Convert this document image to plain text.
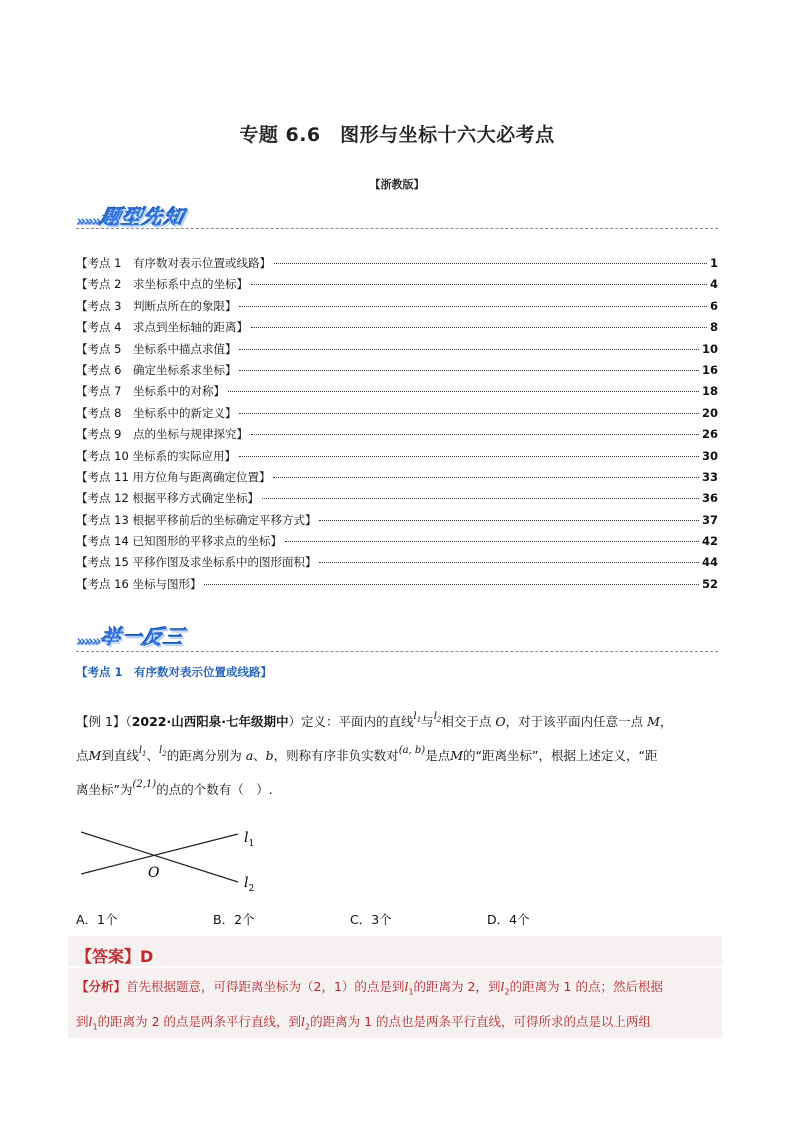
专题 6.6　图形与坐标十六大必考点
【浙教版】
»»» 题型先知
【考点 1　有序数对表示位置或线路】	1
【考点 2　求坐标系中点的坐标】	4
【考点 3　判断点所在的象限】	6
【考点 4　求点到坐标轴的距离】	8
【考点 5　坐标系中描点求值】	10
【考点 6　确定坐标系求坐标】	16
【考点 7　坐标系中的对称】	18
【考点 8　坐标系中的新定义】	20
【考点 9　点的坐标与规律探究】	26
【考点 10 坐标系的实际应用】	30
【考点 11 用方位角与距离确定位置】	33
【考点 12 根据平移方式确定坐标】	36
【考点 13 根据平移前后的坐标确定平移方式】	37
【考点 14 已知图形的平移求点的坐标】	42
【考点 15 平移作图及求坐标系中的图形面积】	44
【考点 16 坐标与图形】	52
»»» 举一反三
【考点 1　有序数对表示位置或线路】
【例 1】（2022·山西阳泉·七年级期中）定义：平面内的直线$^{l_1}$与$^{l_2}$相交于点 O，对于该平面内任意一点 M，
点M到直线$^{l_1}$、$^{l_2}$的距离分别为 a、b，则称有序非负实数对$^{(a, b)}$是点M的“距离坐标”，根据上述定义，“距
离坐标”为$^{(2,1)}$的点的个数有（　）.
$l_1$
$l_2$
O
A．1个	B．2个	C．3个	D．4个
【答案】D
【分析】首先根据题意，可得距离坐标为（2，1）的点是到$l_1$的距离为 2，到$l_2$的距离为 1 的点；然后根据
到$l_1$的距离为 2 的点是两条平行直线，到$l_2$的距离为 1 的点也是两条平行直线，可得所求的点是以上两组
